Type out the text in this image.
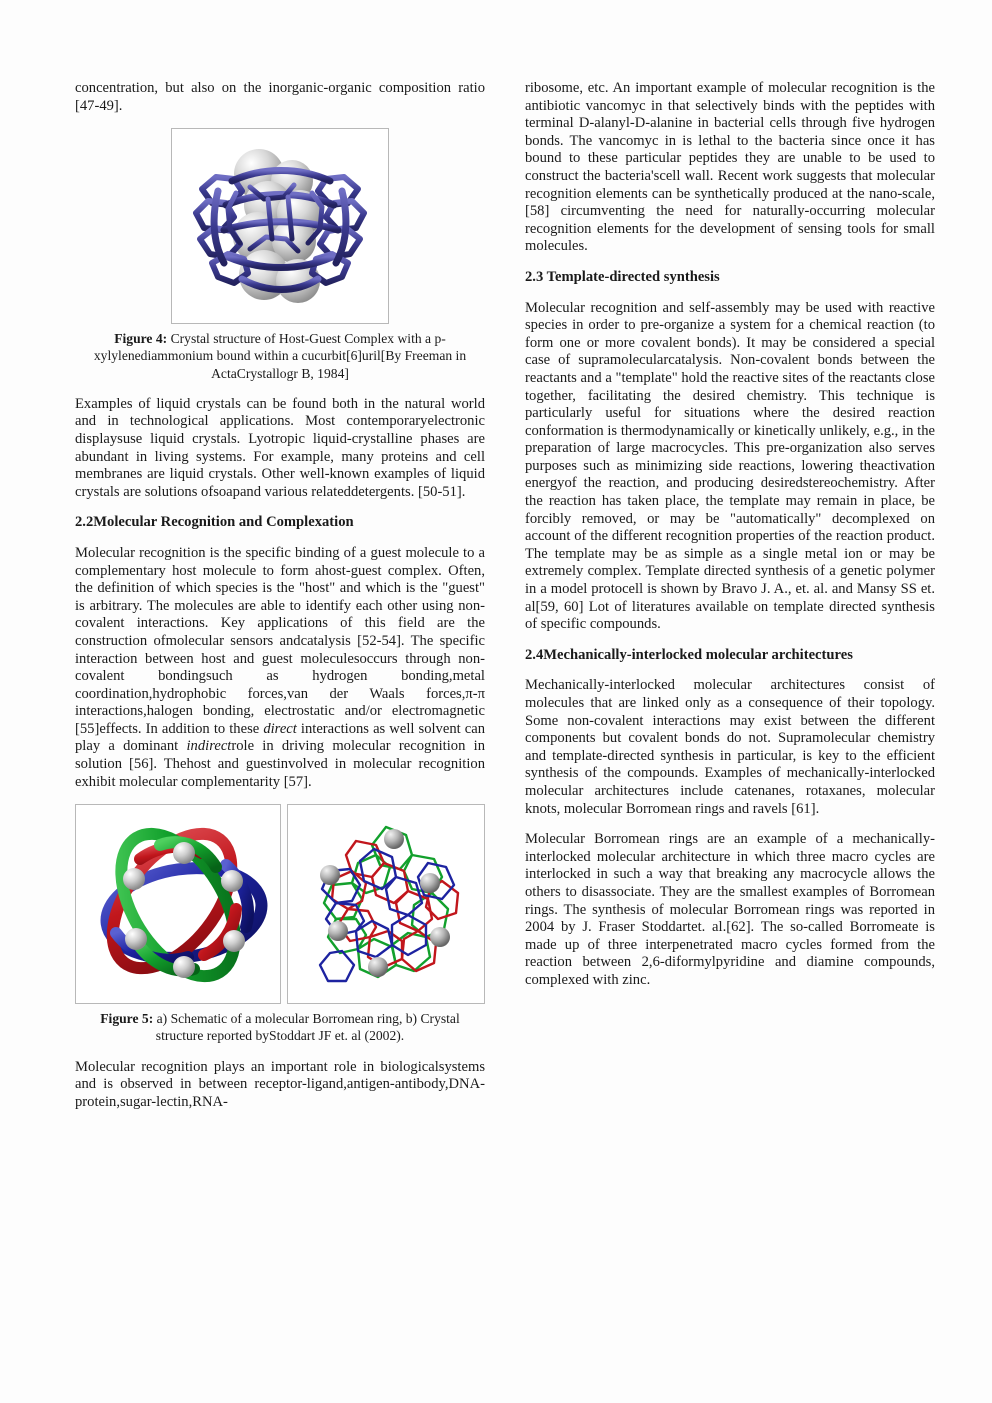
concentration, but also on the inorganic-organic composition ratio [47-49].

Figure 4: Crystal structure of Host-Guest Complex with a p-xylylenediammonium bound within a cucurbit[6]uril[By Freeman in ActaCrystallogr B, 1984]

Examples of liquid crystals can be found both in the natural world and in technological applications. Most contemporaryelectronic displaysuse liquid crystals. Lyotropic liquid-crystalline phases are abundant in living systems. For example, many proteins and cell membranes are liquid crystals. Other well-known examples of liquid crystals are solutions ofsoapand various relateddetergents. [50-51].

2.2Molecular Recognition and Complexation

Molecular recognition is the specific binding of a guest molecule to a complementary host molecule to form ahost-guest complex. Often, the definition of which species is the "host" and which is the "guest" is arbitrary. The molecules are able to identify each other using non-covalent interactions. Key applications of this field are the construction ofmolecular sensors andcatalysis [52-54]. The specific interaction between host and guest moleculesoccurs through non-covalent bondingsuch as hydrogen bonding,metal coordination,hydrophobic forces,van der Waals forces,π-π interactions,halogen bonding, electrostatic and/or electromagnetic [55]effects. In addition to these direct interactions as well solvent can play a dominant indirectrole in driving molecular recognition in solution [56]. Thehost and guestinvolved in molecular recognition exhibit molecular complementarity [57].

Figure 5: a) Schematic of a molecular Borromean ring, b) Crystal structure reported byStoddart JF et. al (2002).

Molecular recognition plays an important role in biologicalsystems and is observed in between receptor-ligand,antigen-antibody,DNA-protein,sugar-lectin,RNA-

ribosome, etc. An important example of molecular recognition is the antibiotic vancomyc in that selectively binds with the peptides with terminal D-alanyl-D-alanine in bacterial cells through five hydrogen bonds. The vancomyc in is lethal to the bacteria since once it has bound to these particular peptides they are unable to be used to construct the bacteria'scell wall. Recent work suggests that molecular recognition elements can be synthetically produced at the nano-scale, [58] circumventing the need for naturally-occurring molecular recognition elements for the development of sensing tools for small molecules.

2.3 Template-directed synthesis

Molecular recognition and self-assembly may be used with reactive species in order to pre-organize a system for a chemical reaction (to form one or more covalent bonds). It may be considered a special case of supramolecularcatalysis. Non-covalent bonds between the reactants and a "template" hold the reactive sites of the reactants close together, facilitating the desired chemistry. This technique is particularly useful for situations where the desired reaction conformation is thermodynamically or kinetically unlikely, e.g., in the preparation of large macrocycles. This pre-organization also serves purposes such as minimizing side reactions, lowering theactivation energyof the reaction, and producing desiredstereochemistry. After the reaction has taken place, the template may remain in place, be forcibly removed, or may be "automatically" decomplexed on account of the different recognition properties of the reaction product. The template may be as simple as a single metal ion or may be extremely complex. Template directed synthesis of a genetic polymer in a model protocell is shown by Bravo J. A., et. al. and Mansy SS et. al[59, 60] Lot of literatures available on template directed synthesis of specific compounds.

2.4Mechanically-interlocked molecular architectures

Mechanically-interlocked molecular architectures consist of molecules that are linked only as a consequence of their topology. Some non-covalent interactions may exist between the different components but covalent bonds do not. Supramolecular chemistry and template-directed synthesis in particular, is key to the efficient synthesis of the compounds. Examples of mechanically-interlocked molecular architectures include catenanes, rotaxanes, molecular knots, molecular Borromean rings and ravels [61].

Molecular Borromean rings are an example of a mechanically-interlocked molecular architecture in which three macro cycles are interlocked in such a way that breaking any macrocycle allows the others to disassociate. They are the smallest examples of Borromean rings. The synthesis of molecular Borromean rings was reported in 2004 by J. Fraser Stoddartet. al.[62]. The so-called Borromeate is made up of three interpenetrated macro cycles formed from the reaction between 2,6-diformylpyridine and diamine compounds, complexed with zinc.
